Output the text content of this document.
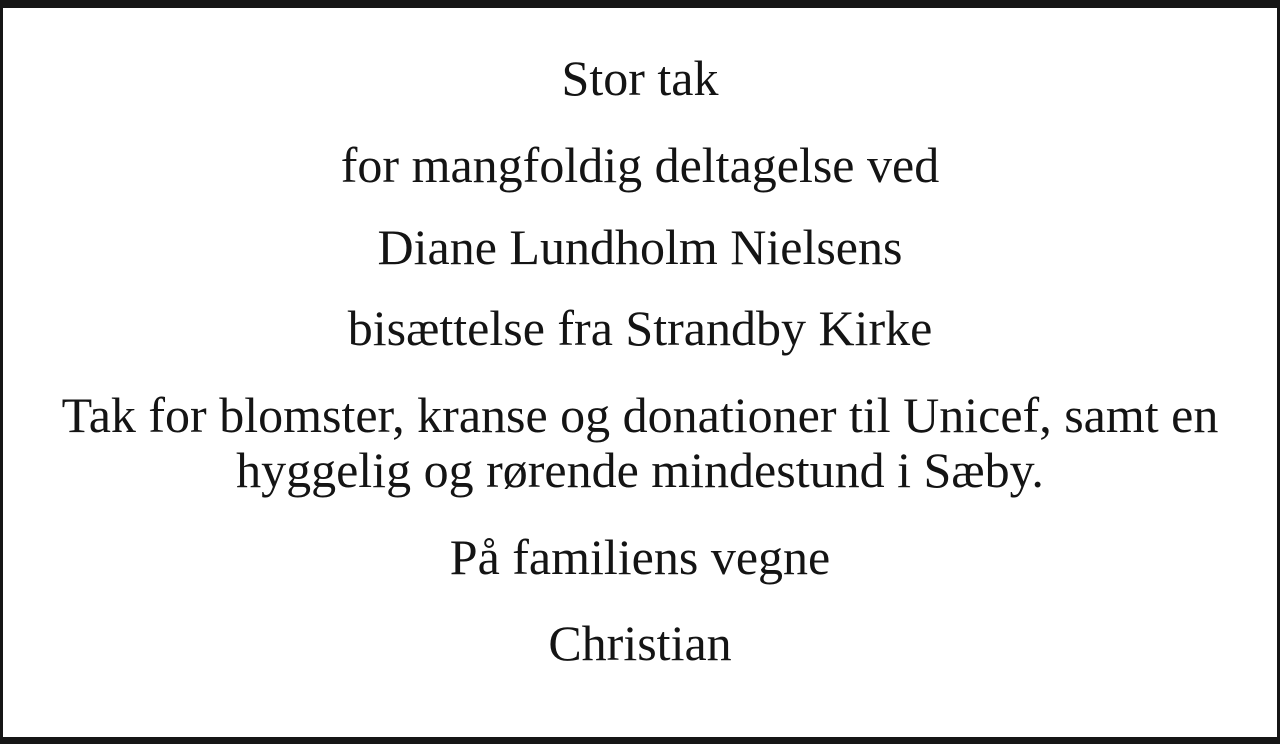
Stor tak

for mangfoldig deltagelse ved

Diane Lundholm Nielsens

bisættelse fra Strandby Kirke

Tak for blomster, kranse og donationer til Unicef, samt en
hyggelig og rørende mindestund i Sæby.

På familiens vegne

Christian
